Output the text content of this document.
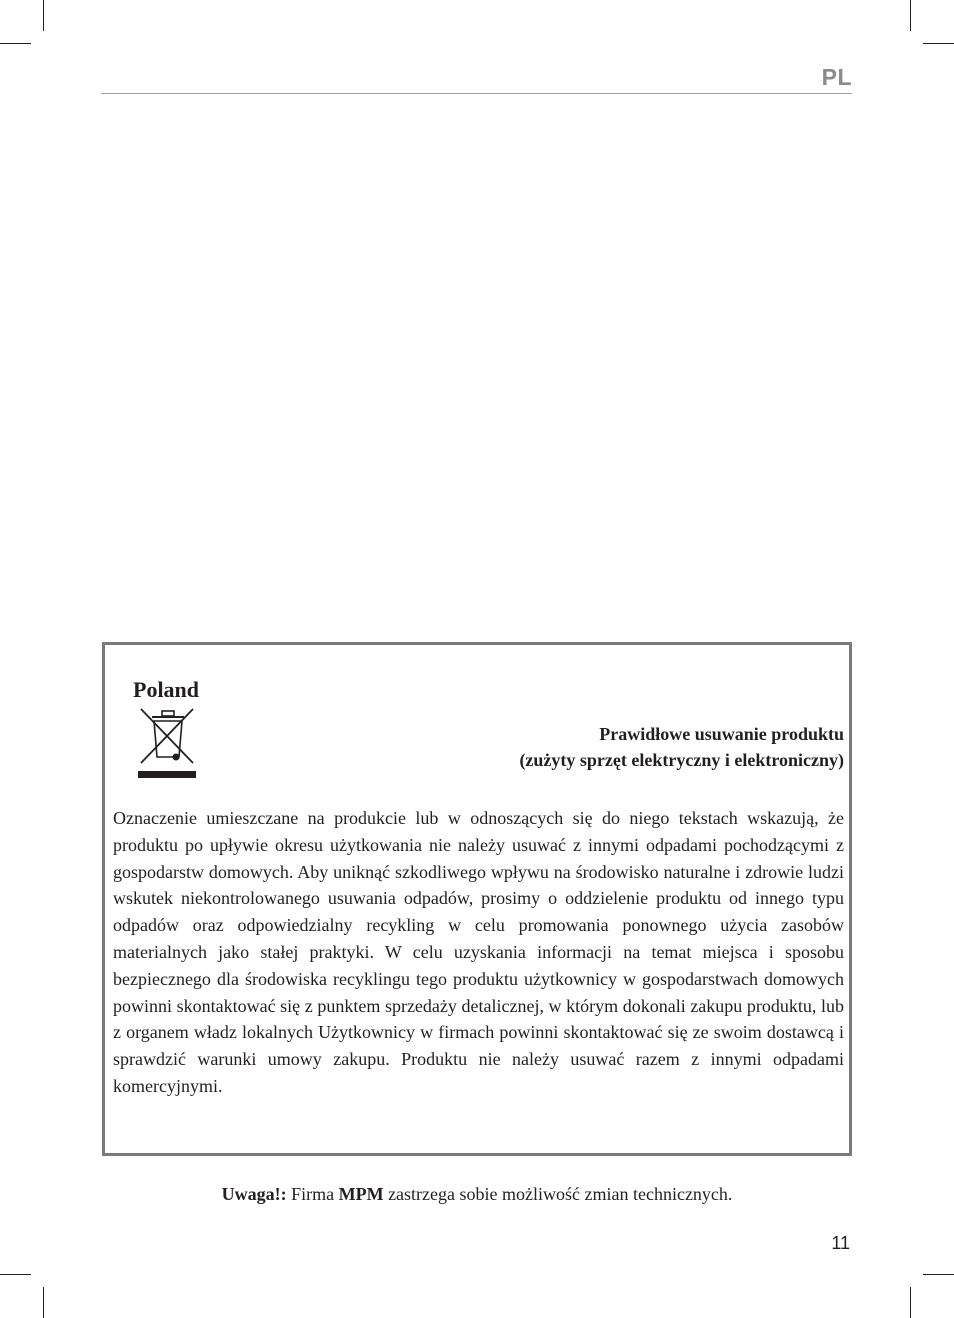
PL
Poland
Prawidłowe usuwanie produktu
(zużyty sprzęt elektryczny i elektroniczny)
Oznaczenie umieszczane na produkcie lub w odnoszących się do niego tekstach wskazują, że produktu po upływie okresu użytkowania nie należy usuwać z innymi odpadami pochodzącymi z gospodarstw domowych. Aby uniknąć szkodliwego wpływu na środowisko naturalne i zdrowie ludzi wskutek niekontrolowanego usuwania odpadów, prosimy o oddzielenie produktu od innego typu odpadów oraz odpowiedzialny recykling w celu promowania ponownego użycia zasobów materialnych jako stałej praktyki. W celu uzyskania informacji na temat miejsca i sposobu bezpiecznego dla środowiska recyklingu tego produktu użytkownicy w gospodarstwach domowych powinni skontaktować się z punktem sprzedaży detalicznej, w którym dokonali zakupu produktu, lub z organem władz lokalnych Użytkownicy w firmach powinni skontaktować się ze swoim dostawcą i sprawdzić warunki umowy zakupu. Produktu nie należy usuwać razem z innymi odpadami komercyjnymi.
Uwaga!: Firma MPM zastrzega sobie możliwość zmian technicznych.
11
